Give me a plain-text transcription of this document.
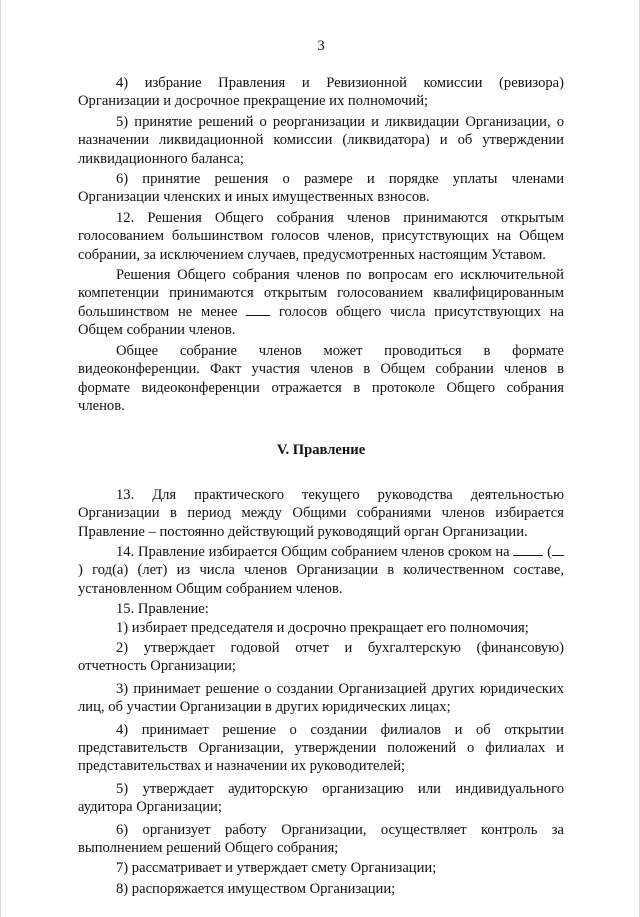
3

4) избрание Правления и Ревизионной комиссии (ревизора) Организации и досрочное прекращение их полномочий;

5) принятие решений о реорганизации и ликвидации Организации, о назначении ликвидационной комиссии (ликвидатора) и об утверждении ликвидационного баланса;

6) принятие решения о размере и порядке уплаты членами Организации членских и иных имущественных взносов.

12. Решения Общего собрания членов принимаются открытым голосованием большинством голосов членов, присутствующих на Общем собрании, за исключением случаев, предусмотренных настоящим Уставом.

Решения Общего собрания членов по вопросам его исключительной компетенции принимаются открытым голосованием квалифицированным большинством не менее	голосов общего числа присутствующих на Общем собрании членов.

Общее собрание членов может проводиться в формате видеоконференции. Факт участия членов в Общем собрании членов в формате видеоконференции отражается в протоколе Общего собрания членов.

V. Правление

13. Для практического текущего руководства деятельностью Организации в период между Общими собраниями членов избирается Правление – постоянно действующий руководящий орган Организации.

14. Правление избирается Общим собранием членов сроком на	() год(а) (лет) из числа членов Организации в количественном составе, установленном Общим собранием членов.

15. Правление:

1) избирает председателя и досрочно прекращает его полномочия;

2) утверждает годовой отчет и бухгалтерскую (финансовую) отчетность Организации;

3) принимает решение о создании Организацией других юридических лиц, об участии Организации в других юридических лицах;

4) принимает решение о создании филиалов и об открытии представительств Организации, утверждении положений о филиалах и представительствах и назначении их руководителей;

5) утверждает аудиторскую организацию или индивидуального аудитора Организации;

6) организует работу Организации, осуществляет контроль за выполнением решений Общего собрания;

7) рассматривает и утверждает смету Организации;

8) распоряжается имуществом Организации;
